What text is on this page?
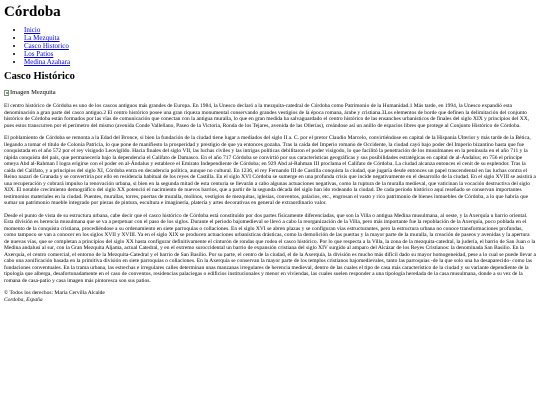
Córdoba
• Inicio
• La Mezquita
• Casco Historico
• Los Patios
• Medina Azahara
Casco Histórico
Imagen Mezquita

El centro histórico de Córdoba es uno de los cascos antiguos más grandes de Europa. En 1984, la Unesco declaró a la mezquita-catedral de Córdoba como Patrimonio de la Humanidad.1 Más tarde, en 1994, la Unesco expandió esta denominación a gran parte del casco antiguo.2 El centro histórico posee una gran riqueza monumental conservando grandes vestigios de la época romana, árabe y cristiana.3Los elementos de borde que definen la delimitación del conjunto histórico de Córdoba están formados por las vías de comunicación que conectan con la antigua muralla, lo que en gran medida ha salvaguardado el centro histórico de las ensanches urbanísticos de finales del siglo XIX y principios del XX, pues estos transcurren por el perímetro del mismo (avenida Conde Vallellano, Paseo de la Victoria, Ronda de los Tejares, avenida de las Ollerías), creándose así un anillo de espacios libres que protege al Conjunto Histórico de Córdoba.

El poblamiento de Córdoba se remonta a la Edad del Bronce, si bien la fundación de la ciudad tiene lugar a mediados del siglo II a. C. por el pretor Claudio Marcelo, convirtiéndose en capital de la Hispania Ulterior y más tarde de la Bética, llegando a tomar el título de Colonia Patricia, lo que pone de manifiesto la prosperidad y prestigio de que ya entonces gozaba. Tras la caída del Imperio romano de Occidente, la ciudad cayó bajo poder del Imperio bizantino hasta que fue conquistada en el año 572 por el rey visigodo Leovigildo. Hacia finales del siglo VII, las luchas civiles y las intrigas políticas debilitaron el poder visigodo, lo que facilitó la penetración de los musulmanes en la península en el año 711 y la rápida conquista del país, que permanecería bajo la dependencia el Califato de Damasco. En el año 717 Córdoba se convirtió por sus características geográficas y sus posibilidades estratégicas en capital de al-Ándalus; en 756 el príncipe omeya Abd al-Rahman I logra erigirse con el poder en al-Ándalus y establece el Emirato Independiente de Córdoba; en 929 Abd al-Rahman III proclama el Califato de Córdoba. La ciudad alcanza entonces el cenit de su esplendor. Tras la caída del Califato, y a principios del siglo XI, Córdoba entra en decadencia política, aunque no cultural. En 1236, el rey Fernando III de Castilla conquista la ciudad, que jugaría desde entonces un papel trascendental en las luchas contra el Reino nazarí de Granada y se convertiría por ello en residencia habitual de los reyes de Castilla. En el siglo XVI Córdoba se sumerge en una profunda crisis que incide negativamente en el desarrollo de la ciudad. En el siglo XVIII se asistirá a una recuperación y cobrará impulso la renovación urbana, si bien en la segunda mitad de esta centuria se llevarán a cabo algunas actuaciones negativas, como la ruptura de la muralla medieval, que vaticinan la vocación destructiva del siglo XIX. El notable crecimiento demográfico del siglo XX potenció el nacimiento de nuevos barrios, que a partir de la segunda década del siglo han ido rodeando la ciudad. De cada periodo histórico aquí reseñado se conservan importantes testimonios materiales en la ciudad. Puentes, murallas, torres, puertas de muralla, molinos, vestigios de mezquitas, iglesias, conventos, palacios, etc., engrosan el vasto y rico patrimonio de bienes inmuebles de Córdoba, a lo que habría que sumar un patrimonio mueble integrado por piezas de pintura, escultura e imaginería, platería y artes decorativas en general de extraordinario valor.

Desde el punto de vista de su estructura urbana, cabe decir que el casco histórico de Córdoba está constituido por dos partes físicamente diferenciadas, que son la Villa o antigua Medina musulmana, al oeste, y la Axerquía u barrio oriental. Esta división es herencia musulmana que se va a perpetuar con el paso de los siglos. Durante el periodo bajomedieval se llevó a cabo la reorganización de la Villa, pero más importante fue la repoblación de la Axerquía, poco poblada en el momento de la conquista cristiana, procediéndose a su ordenamiento en siete parroquias o collaciones. En el siglo XVI se abren plazas y se configuran vías estructurantes, pero la estructura urbana no conoce transformaciones profundas, como tampoco se van a conocer en los siglos XVII y XVIII. Ya en el siglo XIX se producen actuaciones urbanísticas drásticas, como la demolición de las puertas y la mayor parte de la muralla, la creación de paseos y avenidas y la apertura de nuevas vías, que se completan a principios del siglo XX hasta configurar definitivamente el cinturón de rondas que rodea el casco histórico. Por lo que respecta a la Villa, la zona de la mezquita-catedral, la judería, el barrio de San Juan o la Medina andalusí al sur, con la Gran Mezquita Aljama, actual Catedral, y en el extremo suroccidental un barrio de expansión cristiana del siglo XIV surgido al amparo del Alcázar de los Reyes Cristianos: la denominada San Basilio. En la Axerquía, el centro comercial, el entorno de la Mezquita-Catedral y el barrio de San Basilio. Por su parte, el centro de la ciudad, el de la Axerquía, la división es mucho más difícil dado su mayor homogeneidad, pese a lo cual se puede llevar a cabo una zonificación basada en la primitiva división en siete parroquias o collaciones. En la Axerquía se conservan la mayor parte de los templos cristianos bajomedievales, tanto las parroquias -de la que solo una ha desaparecido- como las fundaciones conventuales. En la trama urbana, las estrechas e irregulares calles determinan unas manzanas irregulares de herencia medieval, dentro de las cuales el tipo de casa más característico de la ciudad y su variante dependiente de la tipología que alberga, desafortunadamente en el caso de conventos, residencias palaciegas o edificios institucionales y menor en viviendas, las cuales suelen responder a una tipología heredada de la casa musulmana, donde a su vez de la romana de casa-patio y casa imagen más pintoresca son sus patios.

© Todos los derechos: María Cervilla Alcalde
Cordoba, España
